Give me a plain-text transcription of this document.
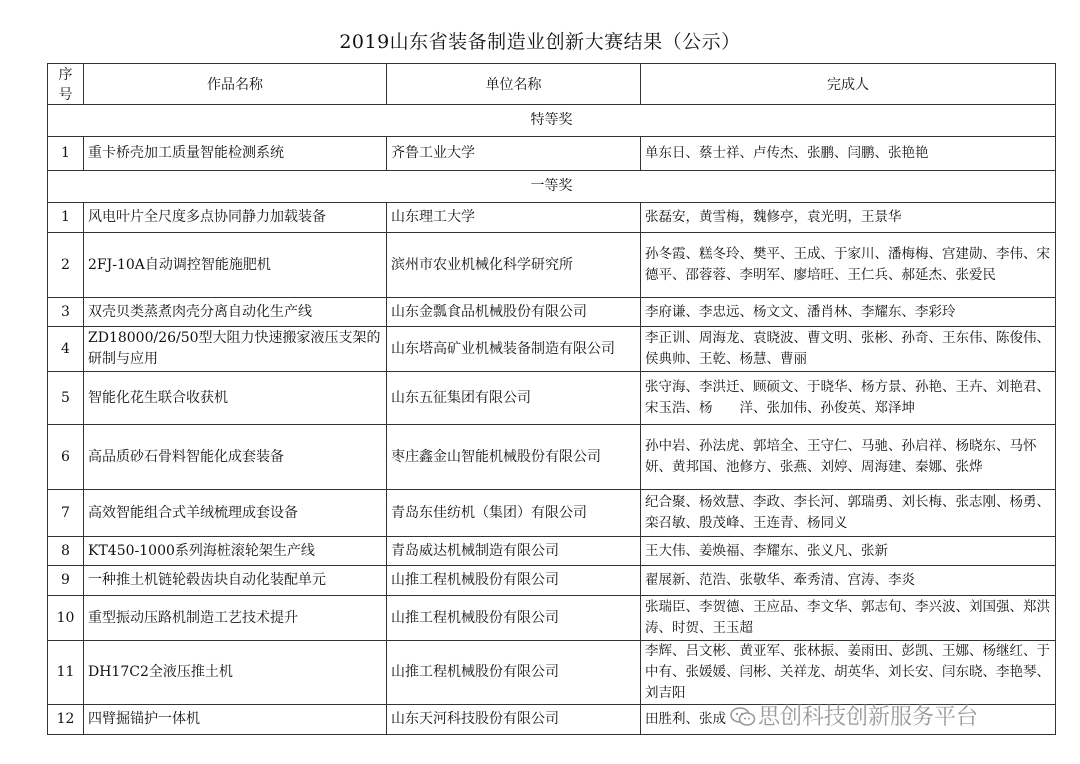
2019山东省装备制造业创新大赛结果（公示）
序号	作品名称	单位名称	完成人
特等奖			
1	重卡桥壳加工质量智能检测系统	齐鲁工业大学	单东日、蔡士祥、卢传杰、张鹏、闫鹏、张艳艳
一等奖			
1	风电叶片全尺度多点协同静力加载装备	山东理工大学	张磊安，黄雪梅，魏修亭，袁光明，王景华
2	2FJ-10A自动调控智能施肥机	滨州市农业机械化科学研究所	孙冬霞、糕冬玲、樊平、王成、于家川、潘梅梅、宫建勋、李伟、宋德平、邵蓉蓉、李明军、廖培旺、王仁兵、郝延杰、张爱民
3	双壳贝类蒸煮肉壳分离自动化生产线	山东金瓢食品机械股份有限公司	李府谦、李忠远、杨文文、潘肖林、李耀东、李彩玲
4	ZD18000/26/50型大阻力快速搬家液压支架的研制与应用	山东塔高矿业机械装备制造有限公司	李正训、周海龙、袁晓波、曹文明、张彬、孙奇、王东伟、陈俊伟、侯典帅、王乾、杨慧、曹丽
5	智能化花生联合收获机	山东五征集团有限公司	张守海、李洪迁、顾硕文、于晓华、杨方景、孙艳、王卉、刘艳君、宋玉浩、杨　　洋、张加伟、孙俊英、郑泽坤
6	高品质砂石骨料智能化成套装备	枣庄鑫金山智能机械股份有限公司	孙中岩、孙法虎、郭培全、王守仁、马驰、孙启祥、杨晓东、马怀妍、黄邦国、池修方、张燕、刘婷、周海建、秦娜、张烨
7	高效智能组合式羊绒梳理成套设备	青岛东佳纺机（集团）有限公司	纪合聚、杨效慧、李政、李长河、郭瑞勇、刘长梅、张志刚、杨勇、栾召敏、殷茂峰、王连青、杨同义
8	KT450-1000系列海桩滚轮架生产线	青岛威达机械制造有限公司	王大伟、姜焕福、李耀东、张义凡、张新
9	一种推土机链轮毂齿块自动化装配单元	山推工程机械股份有限公司	翟展新、范浩、张敬华、牽秀清、宫涛、李炎
10	重型振动压路机制造工艺技术提升	山推工程机械股份有限公司	张瑞臣、李贺德、王应品、李文华、郭志旬、李兴波、刘国强、郑洪涛、时贺、王玉超
11	DH17C2全液压推土机	山推工程机械股份有限公司	李辉、吕文彬、黄亚军、张林振、姜雨田、彭凯、王娜、杨继红、于中有、张媛媛、闫彬、关祥龙、胡英华、刘长安、闫东晓、李艳琴、刘吉阳
12	四臂掘锚护一体机	山东天河科技股份有限公司	田胜利、张成	思创科技创新服务平台
